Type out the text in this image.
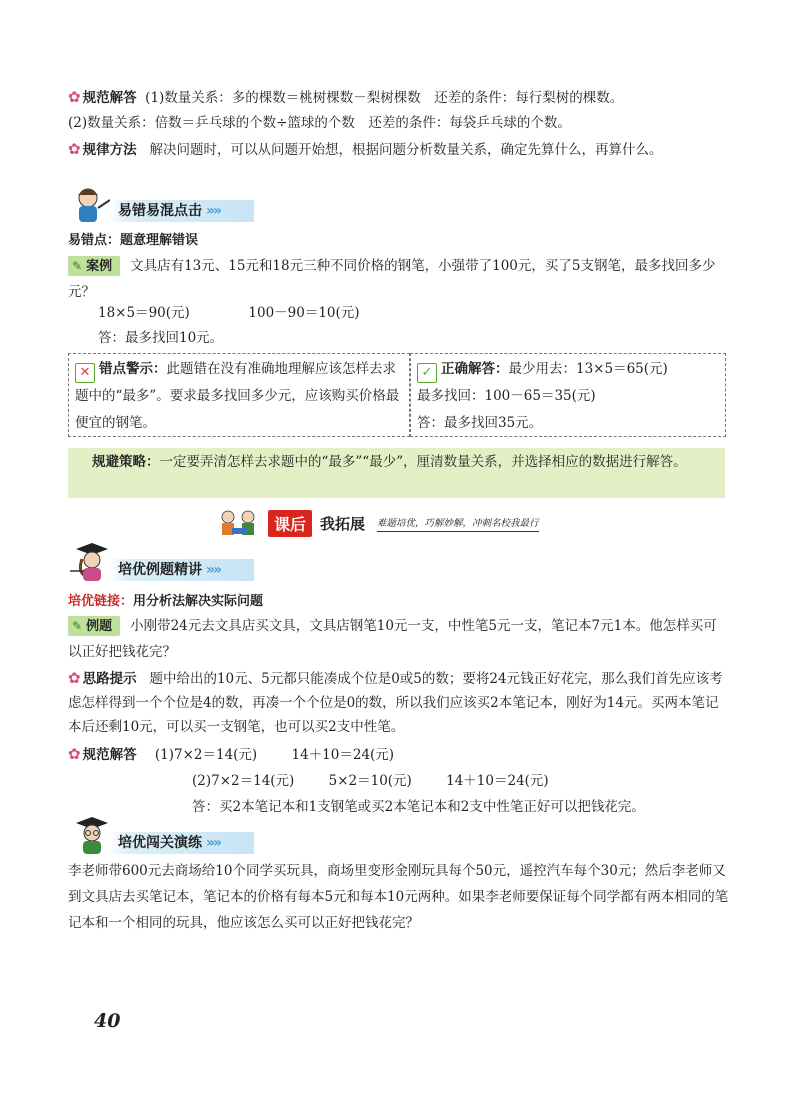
✿ 规范解答 (1)数量关系：多的棵数＝桃树棵数－梨树棵数　还差的条件：每行梨树的棵数。
(2)数量关系：倍数＝乒乓球的个数÷篮球的个数　还差的条件：每袋乒乓球的个数。
✿ 规律方法 解决问题时，可以从问题开始想，根据问题分析数量关系，确定先算什么，再算什么。
易错易混点击 »»
易错点：题意理解错误
✎ 案例 文具店有13元、15元和18元三种不同价格的钢笔，小强带了100元，买了5支钢笔，最多找回多少元？
18×5＝90(元)	100－90＝10(元)
答：最多找回10元。
✕ 错点警示：此题错在没有准确地理解应该怎样去求题中的“最多”。要求最多找回多少元，应该购买价格最便宜的钢笔。
✓ 正确解答：最少用去：13×5＝65(元)
最多找回：100－65＝35(元)
答：最多找回35元。
规避策略：一定要弄清怎样去求题中的“最多”“最少”，厘清数量关系，并选择相应的数据进行解答。
课后 我拓展 难题培优，巧解妙解，冲刺名校我最行
培优例题精讲 »»
培优链接：用分析法解决实际问题
✎ 例题 小刚带24元去文具店买文具，文具店钢笔10元一支，中性笔5元一支，笔记本7元1本。他怎样买可以正好把钱花完？
✿ 思路提示 题中给出的10元、5元都只能凑成个位是0或5的数；要将24元钱正好花完，那么我们首先应该考虑怎样得到一个个位是4的数，再凑一个个位是0的数，所以我们应该买2本笔记本，刚好为14元。买两本笔记本后还剩10元，可以买一支钢笔，也可以买2支中性笔。
✿ 规范解答 (1)7×2＝14(元)	14＋10＝24(元)
(2)7×2＝14(元)	5×2＝10(元)	14＋10＝24(元)
答：买2本笔记本和1支钢笔或买2本笔记本和2支中性笔正好可以把钱花完。
培优闯关演练 »»
李老师带600元去商场给10个同学买玩具，商场里变形金刚玩具每个50元，遥控汽车每个30元；然后李老师又到文具店去买笔记本，笔记本的价格有每本5元和每本10元两种。如果李老师要保证每个同学都有两本相同的笔记本和一个相同的玩具，他应该怎么买可以正好把钱花完？
40
